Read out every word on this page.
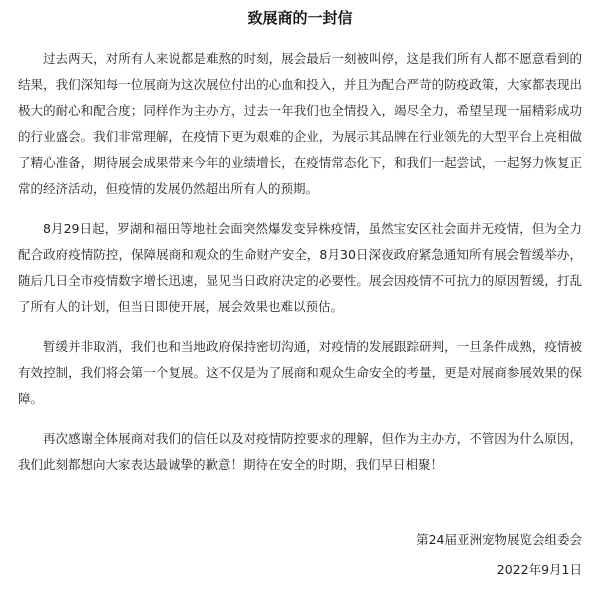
致展商的一封信

过去两天，对所有人来说都是难熬的时刻，展会最后一刻被叫停，这是我们所有人都不愿意看到的结果，我们深知每一位展商为这次展位付出的心血和投入，并且为配合严苛的防疫政策，大家都表现出极大的耐心和配合度；同样作为主办方，过去一年我们也全情投入，竭尽全力，希望呈现一届精彩成功的行业盛会。我们非常理解，在疫情下更为艰难的企业，为展示其品牌在行业领先的大型平台上亮相做了精心准备，期待展会成果带来今年的业绩增长，在疫情常态化下，和我们一起尝试，一起努力恢复正常的经济活动，但疫情的发展仍然超出所有人的预期。

8月29日起，罗湖和福田等地社会面突然爆发变异株疫情，虽然宝安区社会面并无疫情，但为全力配合政府疫情防控，保障展商和观众的生命财产安全，8月30日深夜政府紧急通知所有展会暂缓举办，随后几日全市疫情数字增长迅速，显见当日政府决定的必要性。展会因疫情不可抗力的原因暂缓，打乱了所有人的计划，但当日即使开展，展会效果也难以预估。

暂缓并非取消，我们也和当地政府保持密切沟通，对疫情的发展跟踪研判，一旦条件成熟，疫情被有效控制，我们将会第一个复展。这不仅是为了展商和观众生命安全的考量，更是对展商参展效果的保障。

再次感谢全体展商对我们的信任以及对疫情防控要求的理解，但作为主办方，不管因为什么原因，我们此刻都想向大家表达最诚挚的歉意！期待在安全的时期，我们早日相聚！

第24届亚洲宠物展览会组委会
2022年9月1日
